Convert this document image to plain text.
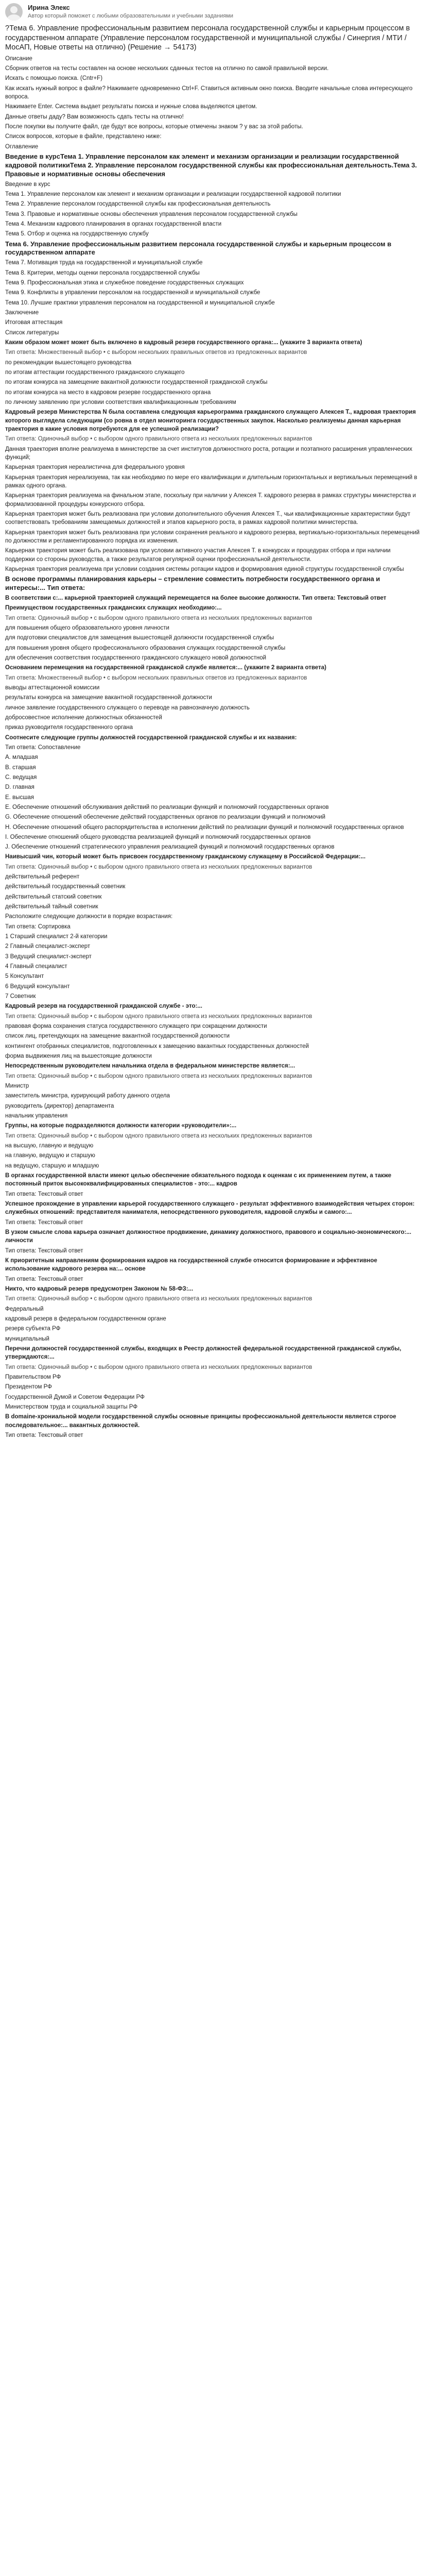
Ирина Элекс
Автор который поможет с любыми образовательными и учебными заданиями
?Тема 6. Управление профессиональным развитием персонала государственной службы и карьерным процессом в государственном аппарате (Управление персоналом государственной и муниципальной службы / Синергия / МТИ / МосАП, Новые ответы на отлично) (Решение → 54173)

Описание

Сборник ответов на тесты составлен на основе нескольких сданных тестов на отлично по самой правильной версии.

Искать с помощью поиска. (Сntr+F)

Как искать нужный вопрос в файле? Нажимаете одновременно Ctrl+F. Ставиться активным окно поиска. Вводите начальные слова интересующего вопроса.

Нажимаете Enter. Система выдает результаты поиска и нужные слова выделяются цветом.

Данные ответы даду? Вам возможность сдать тесты на отлично!

После покупки вы получите файл, где будут все вопросы, которые отмечены знаком ? у вас за этой работы.

Список вопросов, которые в файле, представлено ниже:

Оглавление

Введение в курсТема 1. Управление персоналом как элемент и механизм организации и реализации государственной кадровой политикиТема 2. Управление персоналом государственной службы как профессиональная деятельность.Тема 3. Правовые и нормативные основы обеспечения

Введение в курс

Тема 1. Управление персоналом как элемент и механизм организации и реализации государственной кадровой политики

Тема 2. Управление персоналом государственной службы как профессиональная деятельность

Тема 3. Правовые и нормативные основы обеспечения управления персоналом государственной службы

Тема 4. Механизм кадрового планирования в органах государственной власти

Тема 5. Отбор и оценка на государственную службу

Тема 6. Управление профессиональным развитием персонала государственной службы и карьерным процессом в государственном аппарате

Тема 7. Мотивация труда на государственной и муниципальной службе

Тема 8. Критерии, методы оценки персонала государственной службы

Тема 9. Профессиональная этика и служебное поведение государственных служащих

Тема 9. Конфликты в управлении персоналом на государственной и муниципальной службе

Тема 10. Лучшие практики управления персоналом на государственной и муниципальной службе

Заключение

Итоговая аттестация

Список литературы

Каким образом может может быть включено в кадровый резерв государственного органа:... (укажите 3 варианта ответа)

Тип ответа: Множественный выбор • с выбором нескольких правильных ответов из предложенных вариантов

по рекомендации вышестоящего руководства

по итогам аттестации государственного гражданского служащего

по итогам конкурса на замещение вакантной должности государственной гражданской службы

по итогам конкурса на место в кадровом резерве государственного органа

по личному заявлению при условии соответствия квалификационным требованиям

Кадровый резерв Министерства N была составлена следующая карьерограмма гражданского служащего Алексея Т., кадровая траектория которого выглядела следующим (со ровна в отдел мониторинга государственных закупок. Насколько реализуемы данная карьерная траектория в какие условия потребуются для ее успешной реализации?

Тип ответа: Одиночный выбор • с выбором одного правильного ответа из нескольких предложенных вариантов

Данная траектория вполне реализуема в министерстве за счет институтов должностного роста, ротации и поэтапного расширения управленческих функций;

Карьерная траектория нереалистична для федерального уровня

Карьерная траектория нереализуема, так как необходимо по мере его квалификации и длительным горизонтальных и вертикальных перемещений в рамках одного органа.

Карьерная траектория реализуема на финальном этапе, поскольку при наличии у Алексея Т. кадрового резерва в рамках структуры министерства и формализованной процедуры конкурсного отбора.

Карьерная траектория может быть реализована при условии дополнительного обучения Алексея Т., чьи квалификационные характеристики будут соответствовать требованиям замещаемых должностей и этапов карьерного роста, в рамках кадровой политики министерства.

Карьерная траектория может быть реализована при условии сохранения реального и кадрового резерва, вертикально-горизонтальных перемещений по должностям и регламентированного порядка их изменения.

Карьерная траектория может быть реализована при условии активного участия Алексея Т. в конкурсах и процедурах отбора и при наличии поддержки со стороны руководства, а также результатов регулярной оценки профессиональной деятельности.

Карьерная траектория реализуема при условии создания системы ротации кадров и формирования единой структуры государственной службы

В основе программы планирования карьеры – стремление совместить потребности государственного органа и интересы:... Тип ответа:

В соответствии с:... карьерной траекторией служащий перемещается на более высокие должности. Тип ответа: Текстовый ответ

Преимуществом государственных гражданских служащих необходимо:...

Тип ответа: Одиночный выбор • с выбором одного правильного ответа из нескольких предложенных вариантов

для повышения общего образовательного уровня личности

для подготовки специалистов для замещения вышестоящей должности государственной службы

для повышения уровня общего профессионального образования служащих государственной службы

для обеспечения соответствия государственного гражданского служащего новой должностной

Основанием перемещения на государственной гражданской службе является:... (укажите 2 варианта ответа)

Тип ответа: Множественный выбор • с выбором нескольких правильных ответов из предложенных вариантов

выводы аттестационной комиссии

результаты конкурса на замещение вакантной государственной должности

личное заявление государственного служащего о переводе на равнозначную должность

добросовестное исполнение должностных обязанностей

приказ руководителя государственного органа

Соотнесите следующие группы должностей государственной гражданской службы и их названия:

Тип ответа: Сопоставление

A. младшая

B. старшая

C. ведущая

D. главная

E. высшая

E. Обеспечение отношений обслуживания действий по реализации функций и полномочий государственных органов

G. Обеспечение отношений обеспечение действий государственных органов по реализации функций и полномочий

H. Обеспечение отношений общего распорядительства в исполнении действий по реализации функций и полномочий государственных органов

I. Обеспечение отношений общего руководства реализацией функций и полномочий государственных органов

J. Обеспечение отношений стратегического управления реализацией функций и полномочий государственных органов

Наивысший чин, который может быть присвоен государственному гражданскому служащему в Российской Федерации:...

Тип ответа: Одиночный выбор • с выбором одного правильного ответа из нескольких предложенных вариантов

действительный референт

действительный государственный советник

действительный статский советник

действительный тайный советник

Расположите следующие должности в порядке возрастания:

Тип ответа: Сортировка

1 Старший специалист 2-й категории

2 Главный специалист-эксперт

3 Ведущий специалист-эксперт

4 Главный специалист

5 Консультант

6 Ведущий консультант

7 Советник

Кадровый резерв на государственной гражданской службе - это:...

Тип ответа: Одиночный выбор • с выбором одного правильного ответа из нескольких предложенных вариантов

правовая форма сохранения статуса государственного служащего при сокращении должности

список лиц, претендующих на замещение вакантной государственной должности

контингент отобранных специалистов, подготовленных к замещению вакантных государственных должностей

форма выдвижения лиц на вышестоящие должности

Непосредственным руководителем начальника отдела в федеральном министерстве является:...

Тип ответа: Одиночный выбор • с выбором одного правильного ответа из нескольких предложенных вариантов

Министр

заместитель министра, курирующий работу данного отдела

руководитель (директор) департамента

начальник управления

Группы, на которые подразделяются должности категории «руководители»:...

Тип ответа: Одиночный выбор • с выбором одного правильного ответа из нескольких предложенных вариантов

на высшую, главную и ведущую

на главную, ведущую и старшую

на ведущую, старшую и младшую

В органах государственной власти имеют целью обеспечение обязательного подхода к оценкам с их применением путем, а также постоянный приток высококвалифицированных специалистов - это:... кадров

Тип ответа: Текстовый ответ

Успешное прохождение в управлении карьерой государственного служащего - результат эффективного взаимодействия четырех сторон: служебных отношений: представителя нанимателя, непосредственного руководителя, кадровой службы и самого:...

Тип ответа: Текстовый ответ

В узком смысле слова карьера означает должностное продвижение, динамику должностного, правового и социально-экономического:... личности

Тип ответа: Текстовый ответ

К приоритетным направлениям формирования кадров на государственной службе относится формирование и эффективное использование кадрового резерва на:... основе

Тип ответа: Текстовый ответ

Никто, что кадровый резерв предусмотрен Законом № 58-ФЗ:...

Тип ответа: Одиночный выбор • с выбором одного правильного ответа из нескольких предложенных вариантов

Федеральный

кадровый резерв в федеральном государственном органе

резерв субъекта РФ

муниципальный

Перечни должностей государственной службы, входящих в Реестр должностей федеральной государственной гражданской службы, утверждаются:...

Тип ответа: Одиночный выбор • с выбором одного правильного ответа из нескольких предложенных вариантов

Правительством РФ

Президентом РФ

Государственной Думой и Советом Федерации РФ

Министерством труда и социальной защиты РФ

В domaine-хрониальной модели государственной службы основные принципы профессиональной деятельности является строгое последовательное:... вакантных должностей.

Тип ответа: Текстовый ответ
